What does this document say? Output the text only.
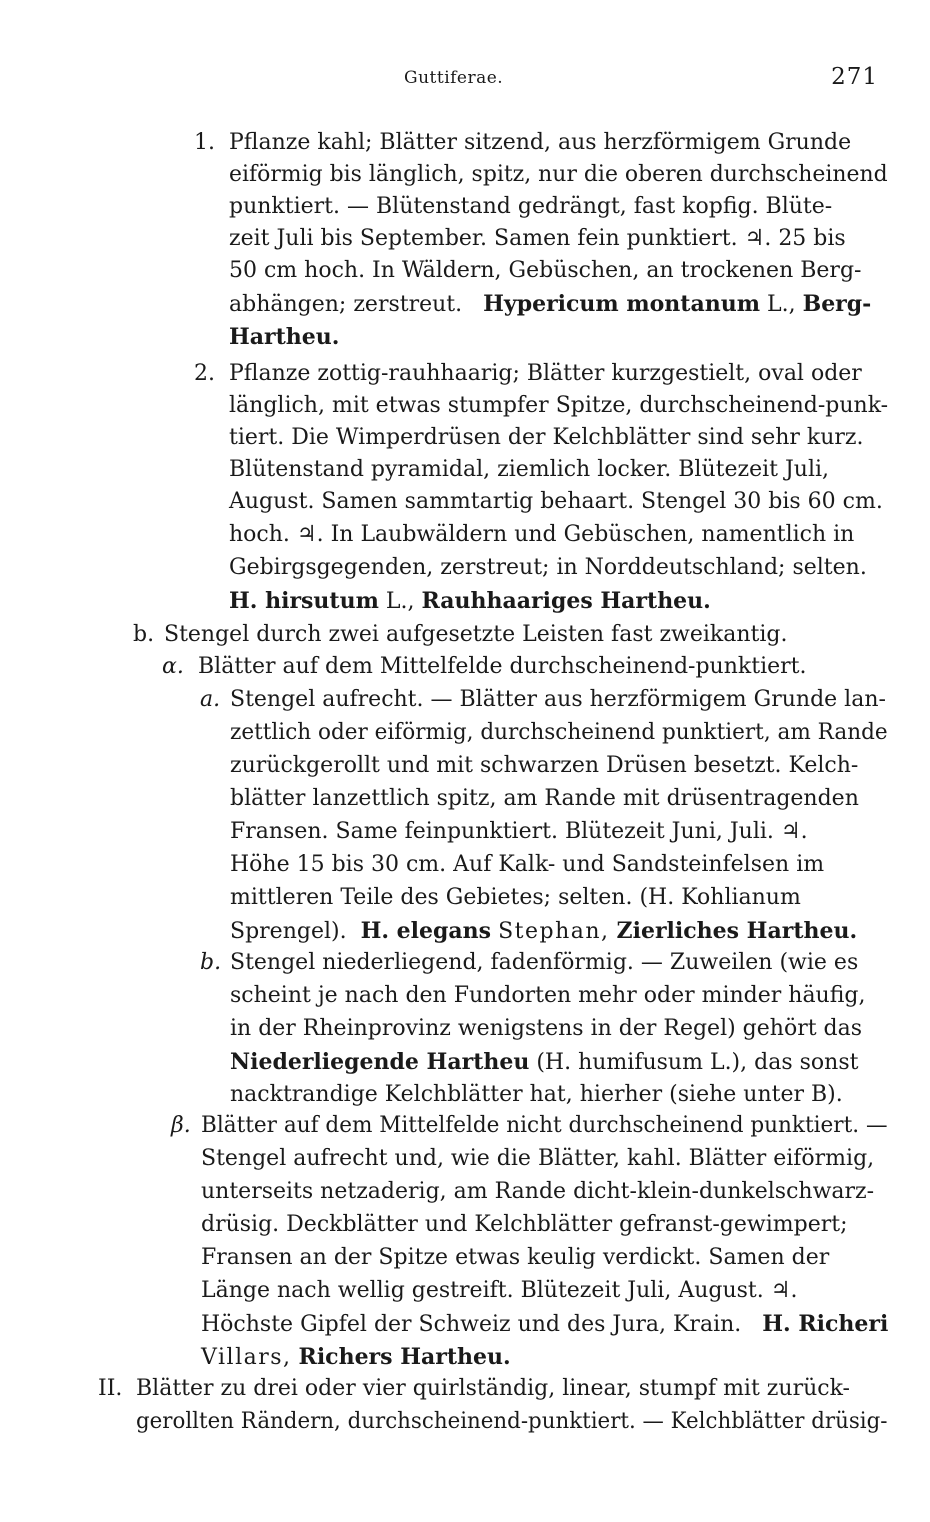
Guttiferae.	271
1. Pflanze kahl; Blätter sitzend, aus herzförmigem Grunde
eiförmig bis länglich, spitz, nur die oberen durchscheinend
punktiert. — Blütenstand gedrängt, fast kopfig. Blüte-
zeit Juli bis September. Samen fein punktiert. ♃. 25 bis
50 cm hoch. In Wäldern, Gebüschen, an trockenen Berg-
abhängen; zerstreut. Hypericum montanum L., Berg-
Hartheu.
2. Pflanze zottig-rauhhaarig; Blätter kurzgestielt, oval oder
länglich, mit etwas stumpfer Spitze, durchscheinend-punk-
tiert. Die Wimperdrüsen der Kelchblätter sind sehr kurz.
Blütenstand pyramidal, ziemlich locker. Blütezeit Juli,
August. Samen sammtartig behaart. Stengel 30 bis 60 cm.
hoch. ♃. In Laubwäldern und Gebüschen, namentlich in
Gebirgsgegenden, zerstreut; in Norddeutschland; selten.
H. hirsutum L., Rauhhaariges Hartheu.
b. Stengel durch zwei aufgesetzte Leisten fast zweikantig.
α. Blätter auf dem Mittelfelde durchscheinend-punktiert.
a. Stengel aufrecht. — Blätter aus herzförmigem Grunde lan-
zettlich oder eiförmig, durchscheinend punktiert, am Rande
zurückgerollt und mit schwarzen Drüsen besetzt. Kelch-
blätter lanzettlich spitz, am Rande mit drüsentragenden
Fransen. Same feinpunktiert. Blütezeit Juni, Juli. ♃.
Höhe 15 bis 30 cm. Auf Kalk- und Sandsteinfelsen im
mittleren Teile des Gebietes; selten. (H. Kohlianum
Sprengel). H. elegans Stephan, Zierliches Hartheu.
b. Stengel niederliegend, fadenförmig. — Zuweilen (wie es
scheint je nach den Fundorten mehr oder minder häufig,
in der Rheinprovinz wenigstens in der Regel) gehört das
Niederliegende Hartheu (H. humifusum L.), das sonst
nacktrandige Kelchblätter hat, hierher (siehe unter B).
β. Blätter auf dem Mittelfelde nicht durchscheinend punktiert. —
Stengel aufrecht und, wie die Blätter, kahl. Blätter eiförmig,
unterseits netzaderig, am Rande dicht-klein-dunkelschwarz-
drüsig. Deckblätter und Kelchblätter gefranst-gewimpert;
Fransen an der Spitze etwas keulig verdickt. Samen der
Länge nach wellig gestreift. Blütezeit Juli, August. ♃.
Höchste Gipfel der Schweiz und des Jura, Krain. H. Richeri
Villars, Richers Hartheu.
II. Blätter zu drei oder vier quirlständig, linear, stumpf mit zurück-
gerollten Rändern, durchscheinend-punktiert. — Kelchblätter drüsig-
